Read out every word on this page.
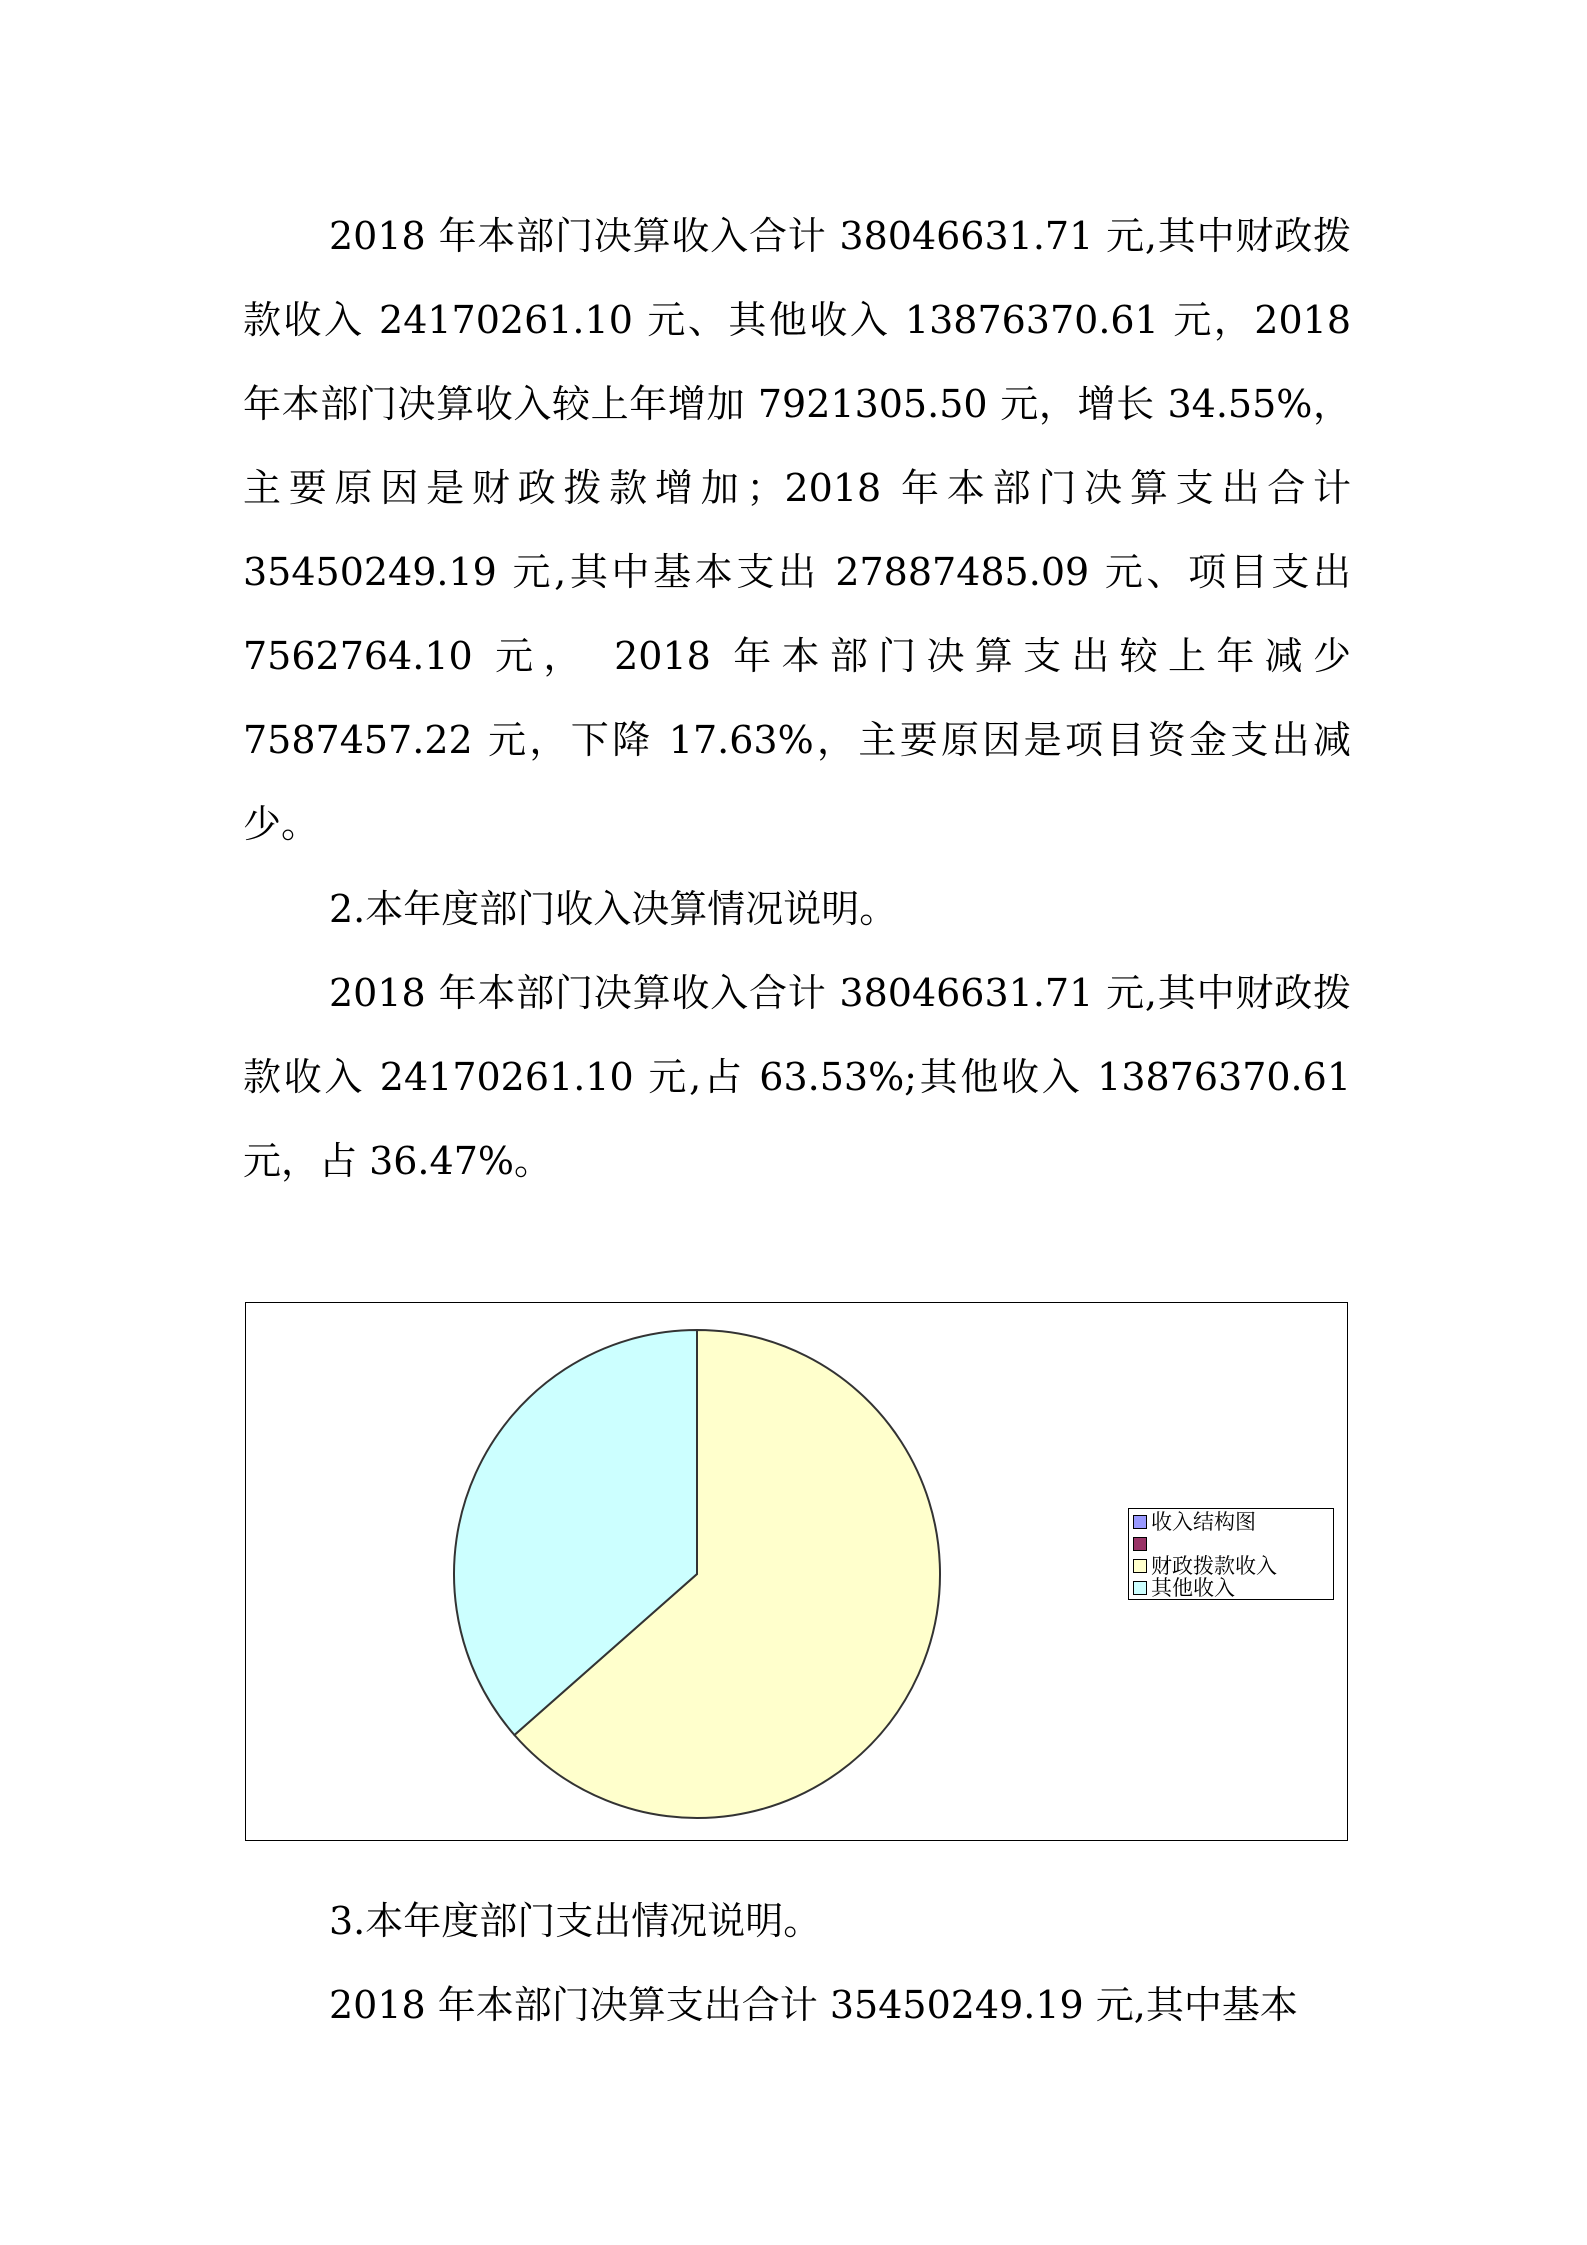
2018 年本部门决算收入合计 38046631.71 元,其中财政拨款收入 24170261.10 元、其他收入 13876370.61 元，2018 年本部门决算收入较上年增加 7921305.50 元，增长 34.55%，主要原因是财政拨款增加；2018 年本部门决算支出合计 35450249.19 元,其中基本支出 27887485.09 元、项目支出 7562764.10 元， 2018 年本部门决算支出较上年减少 7587457.22 元，下降 17.63%，主要原因是项目资金支出减少。

2.本年度部门收入决算情况说明。

2018 年本部门决算收入合计 38046631.71 元,其中财政拨款收入 24170261.10 元,占 63.53%;其他收入 13876370.61 元，占 36.47%。

收入结构图
财政拨款收入
其他收入

3.本年度部门支出情况说明。

2018 年本部门决算支出合计 35450249.19 元,其中基本
